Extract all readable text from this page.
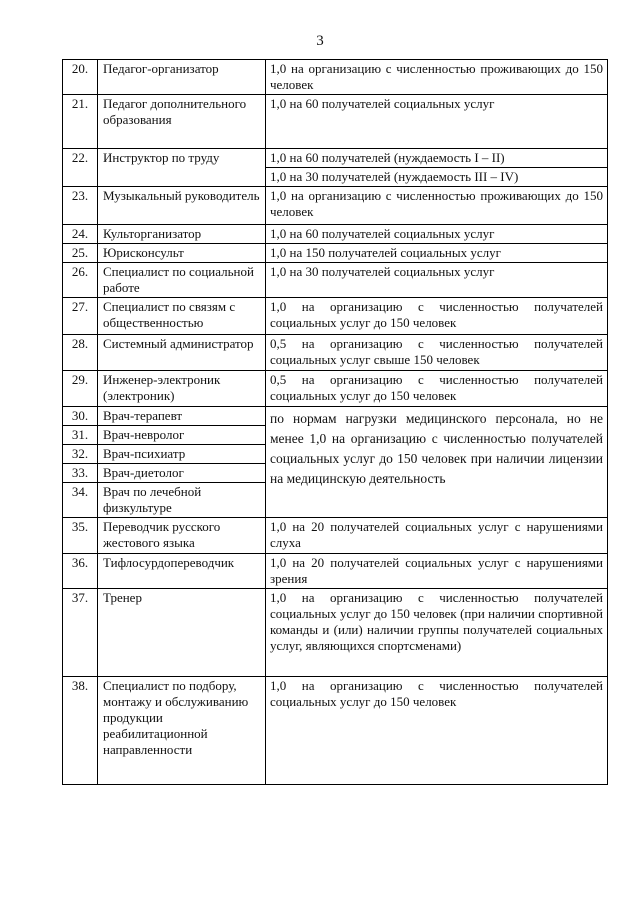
3
20.	Педагог-организатор	1,0 на организацию с численностью проживающих до 150 человек
21.	Педагог дополнительного образования	1,0 на 60 получателей социальных услуг
22.	Инструктор по труду	1,0 на 60 получателей (нуждаемость I – II)
		1,0 на 30 получателей (нуждаемость III – IV)
23.	Музыкальный руководитель	1,0 на организацию с численностью проживающих до 150 человек
24.	Культорганизатор	1,0 на 60 получателей социальных услуг
25.	Юрисконсульт	1,0 на 150 получателей социальных услуг
26.	Специалист по социальной работе	1,0 на 30 получателей социальных услуг
27.	Специалист по связям с общественностью	1,0 на организацию с численностью получателей социальных услуг до 150 человек
28.	Системный администратор	0,5 на организацию с численностью получателей социальных услуг свыше 150 человек
29.	Инженер-электроник (электроник)	0,5 на организацию с численностью получателей социальных услуг до 150 человек
30.	Врач-терапевт	по нормам нагрузки медицинского персонала, но не менее 1,0 на организацию с численностью получателей социальных услуг до 150 человек при наличии лицензии на медицинскую деятельность
31.	Врач-невролог	
32.	Врач-психиатр	
33.	Врач-диетолог	
34.	Врач по лечебной физкультуре	
35.	Переводчик русского жестового языка	1,0 на 20 получателей социальных услуг с нарушениями слуха
36.	Тифлосурдопереводчик	1,0 на 20 получателей социальных услуг с нарушениями зрения
37.	Тренер	1,0 на организацию с численностью получателей социальных услуг до 150 человек (при наличии спортивной команды и (или) наличии группы получателей социальных услуг, являющихся спортсменами)
38.	Специалист по подбору, монтажу и обслуживанию продукции реабилитационной направленности	1,0 на организацию с численностью получателей социальных услуг до 150 человек
